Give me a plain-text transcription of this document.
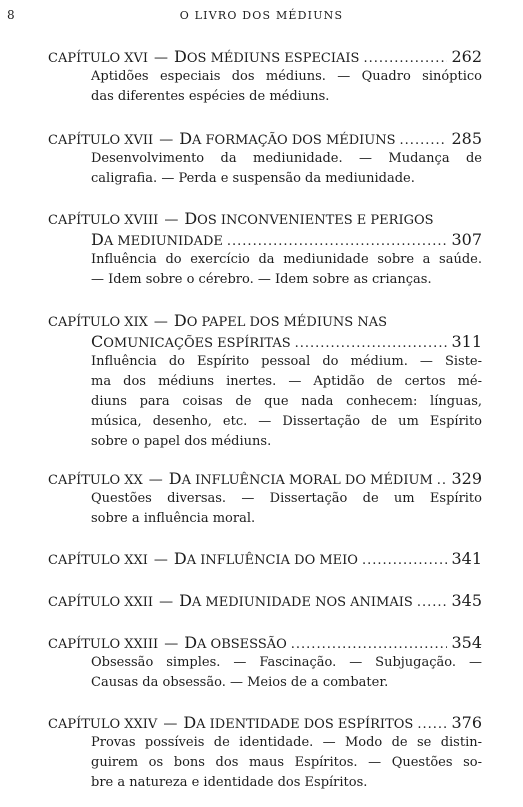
8	O LIVRO DOS MÉDIUNS
CAPÍTULO XVI — DOS MÉDIUNS ESPECIAIS .....	262
Aptidões especiais dos médiuns. — Quadro sinóptico
das diferentes espécies de médiuns.
CAPÍTULO XVII — DA FORMAÇÃO DOS MÉDIUNS .....	285
Desenvolvimento da mediunidade. — Mudança de
caligrafia. — Perda e suspensão da mediunidade.
CAPÍTULO XVIII — DOS INCONVENIENTES E PERIGOS
DA MEDIUNIDADE .....	307
Influência do exercício da mediunidade sobre a saúde.
— Idem sobre o cérebro. — Idem sobre as crianças.
CAPÍTULO XIX — DO PAPEL DOS MÉDIUNS NAS
COMUNICAÇÕES ESPÍRITAS .....	311
Influência do Espírito pessoal do médium. — Siste-
ma dos médiuns inertes. — Aptidão de certos mé-
diuns para coisas de que nada conhecem: línguas,
música, desenho, etc. — Dissertação de um Espírito
sobre o papel dos médiuns.
CAPÍTULO XX — DA INFLUÊNCIA MORAL DO MÉDIUM ..... 329
Questões diversas. — Dissertação de um Espírito
sobre a influência moral.
CAPÍTULO XXI — DA INFLUÊNCIA DO MEIO .....	341
CAPÍTULO XXII — DA MEDIUNIDADE NOS ANIMAIS ..... 345
CAPÍTULO XXIII — DA OBSESSÃO .....	354
Obsessão simples. — Fascinação. — Subjugação. —
Causas da obsessão. — Meios de a combater.
CAPÍTULO XXIV — DA IDENTIDADE DOS ESPÍRITOS ..... 376
Provas possíveis de identidade. — Modo de se distin-
guirem os bons dos maus Espíritos. — Questões so-
bre a natureza e identidade dos Espíritos.
